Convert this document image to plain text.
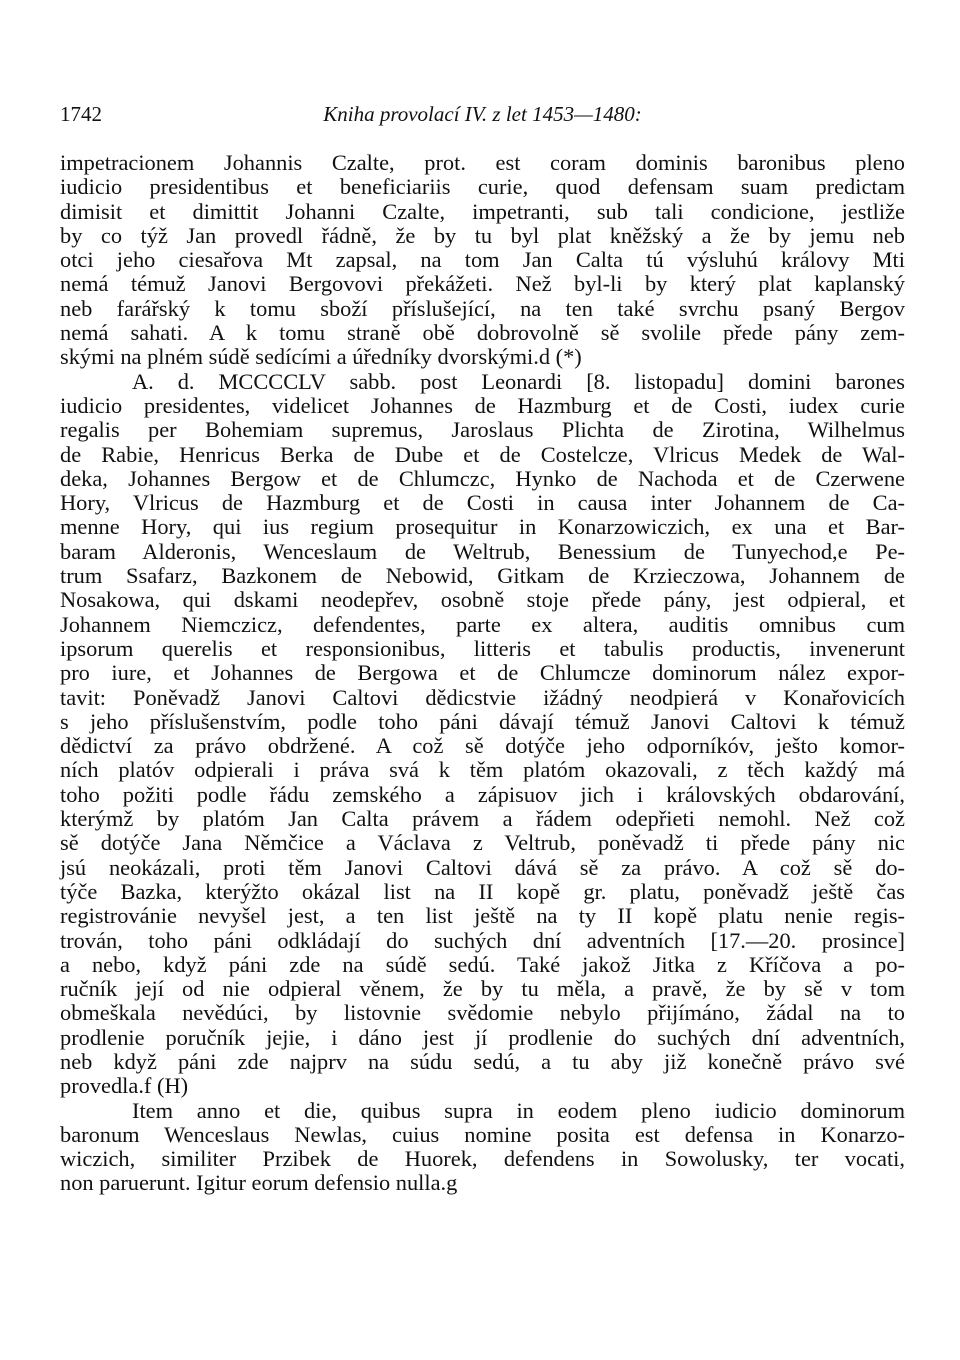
1742	Kniha provolací IV. z let 1453—1480:
impetracionem Johannis Czalte, prot. est coram dominis baronibus pleno
iudicio presidentibus et beneficiariis curie, quod defensam suam predictam
dimisit et dimittit Johanni Czalte, impetranti, sub tali condicione, jestliže
by co týž Jan provedl řádně, že by tu byl plat kněžský a že by jemu neb
otci jeho ciesařova Mt zapsal, na tom Jan Calta tú výsluhú královy Mti
nemá témuž Janovi Bergovovi překážeti. Než byl-li by který plat kaplanský
neb farářský k tomu sboží příslušející, na ten také svrchu psaný Bergov
nemá sahati. A k tomu straně obě dobrovolně sě svolile přede pány zem-
skými na plném súdě sedícími a úředníky dvorskými.d (*)
A. d. MCCCCLV sabb. post Leonardi [8. listopadu] domini barones
iudicio presidentes, videlicet Johannes de Hazmburg et de Costi, iudex curie
regalis per Bohemiam supremus, Jaroslaus Plichta de Zirotina, Wilhelmus
de Rabie, Henricus Berka de Dube et de Costelcze, Vlricus Medek de Wal-
deka, Johannes Bergow et de Chlumczc, Hynko de Nachoda et de Czerwene
Hory, Vlricus de Hazmburg et de Costi in causa inter Johannem de Ca-
menne Hory, qui ius regium prosequitur in Konarzowiczich, ex una et Bar-
baram Alderonis, Wenceslaum de Weltrub, Benessium de Tunyechod,e Pe-
trum Ssafarz, Bazkonem de Nebowid, Gitkam de Krzieczowa, Johannem de
Nosakowa, qui dskami neodepřev, osobně stoje přede pány, jest odpieral, et
Johannem Niemczicz, defendentes, parte ex altera, auditis omnibus cum
ipsorum querelis et responsionibus, litteris et tabulis productis, invenerunt
pro iure, et Johannes de Bergowa et de Chlumcze dominorum nález expor-
tavit: Poněvadž Janovi Caltovi dědicstvie ižádný neodpierá v Konařovicích
s jeho příslušenstvím, podle toho páni dávají témuž Janovi Caltovi k témuž
dědictví za právo obdržené. A což sě dotýče jeho odporníkóv, ješto komor-
ních platóv odpierali i práva svá k těm platóm okazovali, z těch každý má
toho požiti podle řádu zemského a zápisuov jich i královských obdarování,
kterýmž by platóm Jan Calta právem a řádem odepřieti nemohl. Než což
sě dotýče Jana Němčice a Václava z Veltrub, poněvadž ti přede pány nic
jsú neokázali, proti těm Janovi Caltovi dává sě za právo. A což sě do-
týče Bazka, kterýžto okázal list na II kopě gr. platu, poněvadž ještě čas
registrovánie nevyšel jest, a ten list ještě na ty II kopě platu nenie regis-
trován, toho páni odkládají do suchých dní adventních [17.—20. prosince]
a nebo, když páni zde na súdě sedú. Také jakož Jitka z Kříčova a po-
ručník její od nie odpieral věnem, že by tu měla, a pravě, že by sě v tom
obmeškala nevědúci, by listovnie svědomie nebylo přijímáno, žádal na to
prodlenie poručník jejie, i dáno jest jí prodlenie do suchých dní adventních,
neb když páni zde najprv na súdu sedú, a tu aby již konečně právo své
provedla.f (H)
Item anno et die, quibus supra in eodem pleno iudicio dominorum
baronum Wenceslaus Newlas, cuius nomine posita est defensa in Konarzo-
wiczich, similiter Przibek de Huorek, defendens in Sowolusky, ter vocati,
non paruerunt. Igitur eorum defensio nulla.g
